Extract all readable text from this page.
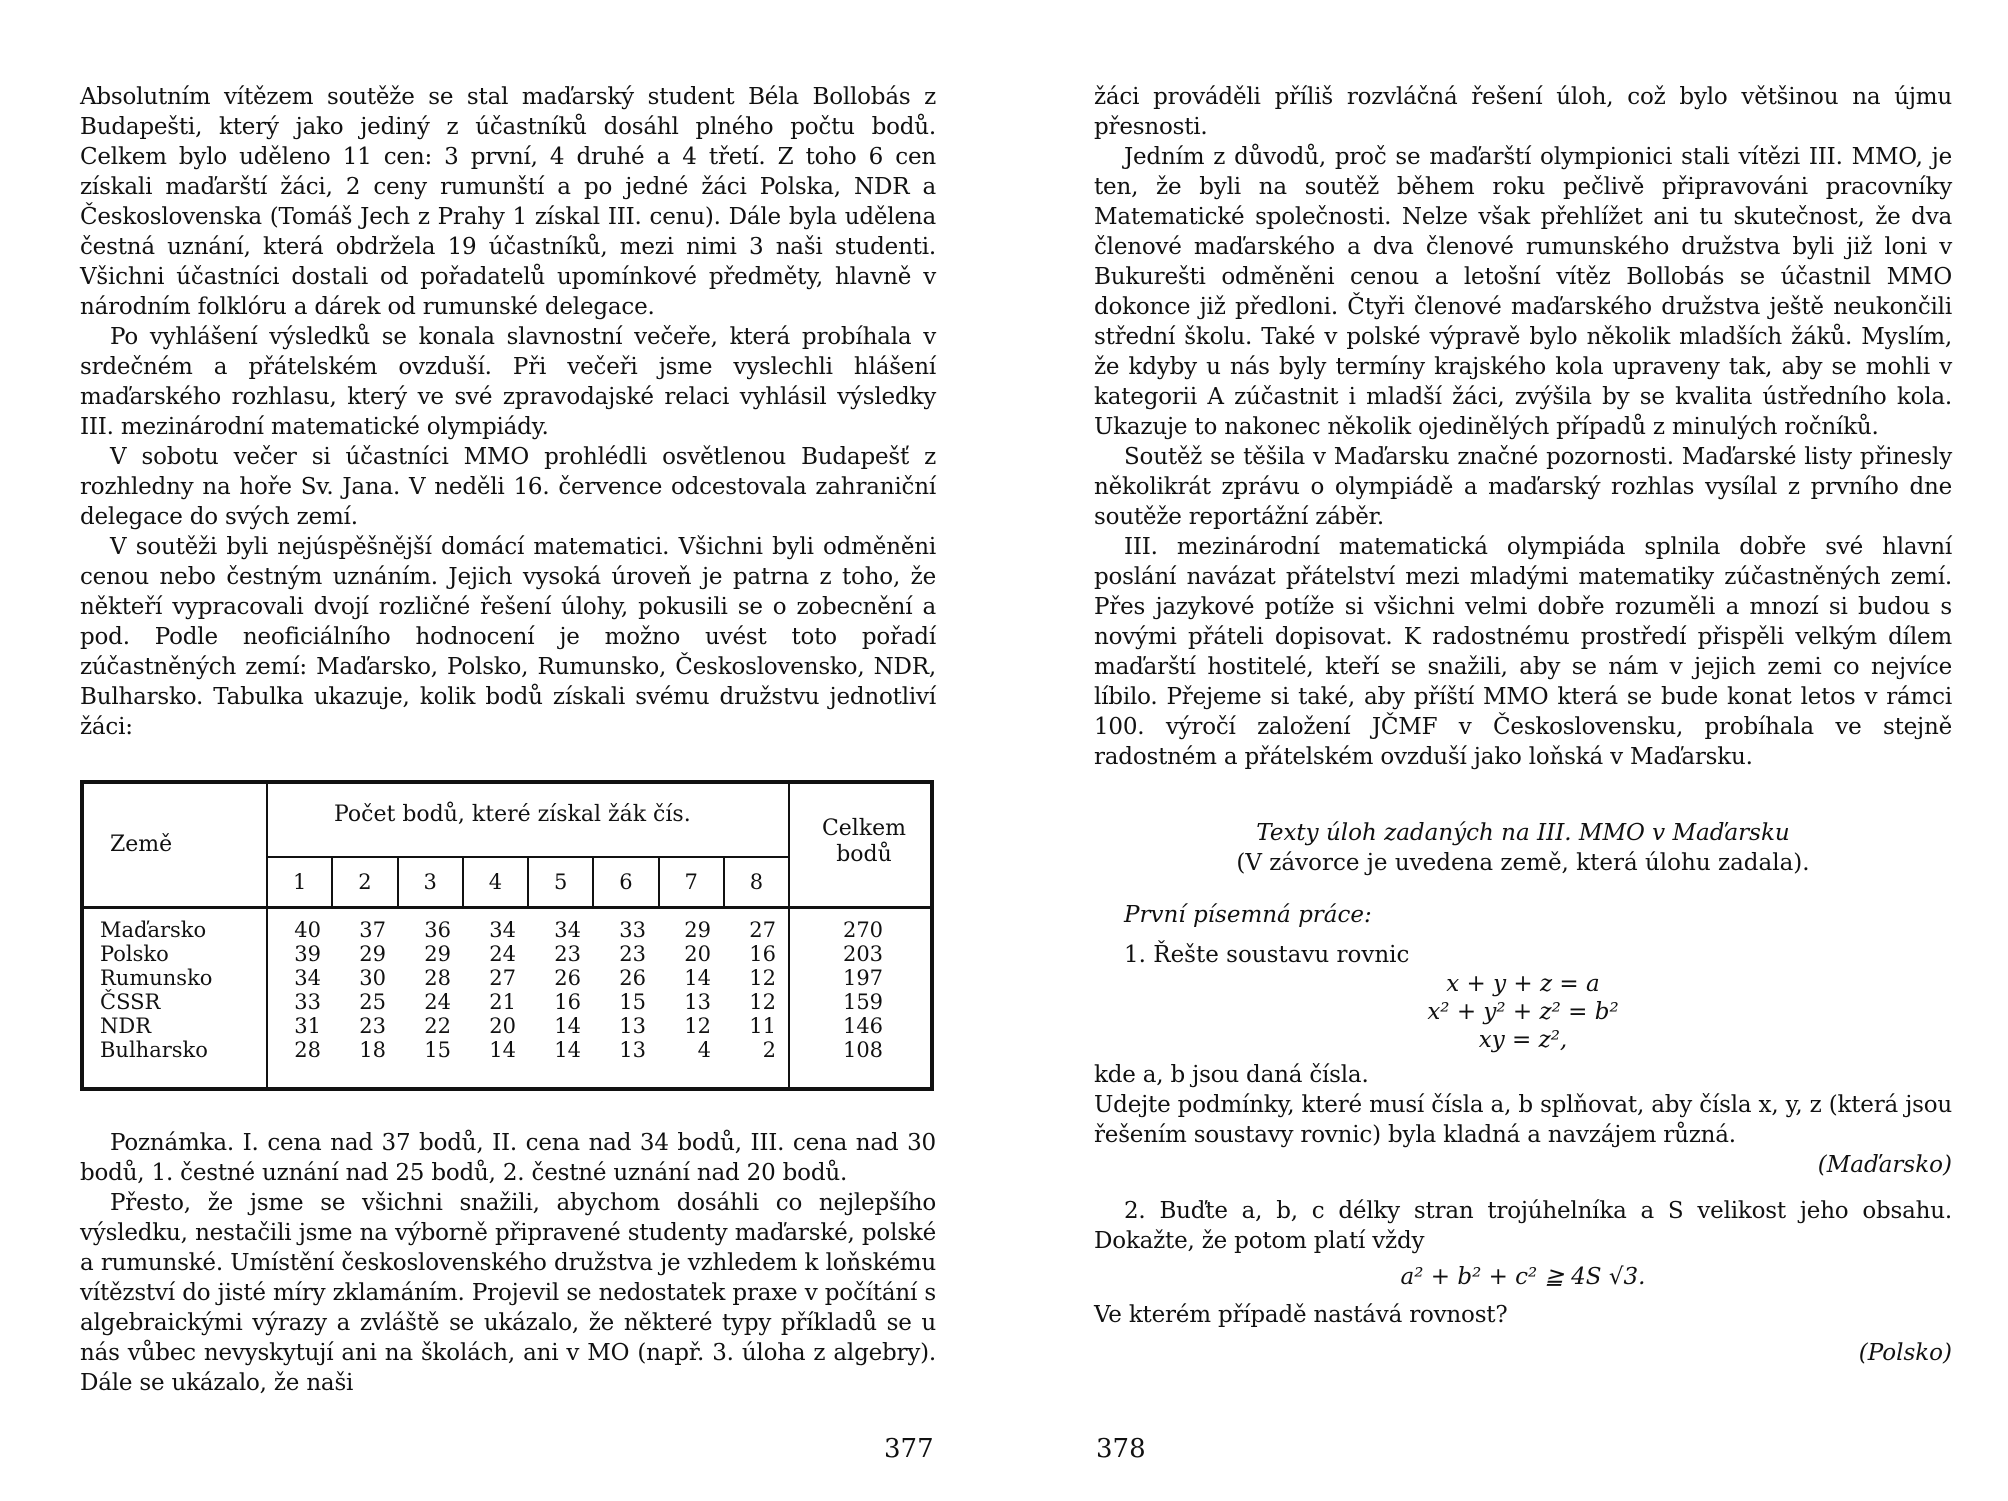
Absolutním vítězem soutěže se stal maďarský student Béla Bollobás z Budapešti, který jako jediný z účastníků dosáhl plného počtu bodů. Celkem bylo uděleno 11 cen: 3 první, 4 druhé a 4 třetí. Z toho 6 cen získali maďarští žáci, 2 ceny rumunští a po jedné žáci Polska, NDR a Československa (Tomáš Jech z Prahy 1 získal III. cenu). Dále byla udělena čestná uznání, která obdržela 19 účastníků, mezi nimi 3 naši studenti. Všichni účastníci dostali od pořadatelů upomínkové předměty, hlavně v národním folklóru a dárek od rumunské delegace.

Po vyhlášení výsledků se konala slavnostní večeře, která probíhala v srdečném a přátelském ovzduší. Při večeři jsme vyslechli hlášení maďarského rozhlasu, který ve své zpravodajské relaci vyhlásil výsledky III. mezinárodní matematické olympiády.

V sobotu večer si účastníci MMO prohlédli osvětlenou Budapešť z rozhledny na hoře Sv. Jana. V neděli 16. července odcestovala zahraniční delegace do svých zemí.

V soutěži byli nejúspěšnější domácí matematici. Všichni byli odměněni cenou nebo čestným uznáním. Jejich vysoká úroveň je patrna z toho, že někteří vypracovali dvojí rozličné řešení úlohy, pokusili se o zobecnění a pod. Podle neoficiálního hodnocení je možno uvést toto pořadí zúčastněných zemí: Maďarsko, Polsko, Rumunsko, Československo, NDR, Bulharsko. Tabulka ukazuje, kolik bodů získali svému družstvu jednotliví žáci:

Země
Počet bodů, které získal žák čís.
Celkem bodů
1	2	3	4	5	6	7	8
Maďarsko	40	37	36	34	34	33	29	27	270
Polsko	39	29	29	24	23	23	20	16	203
Rumunsko	34	30	28	27	26	26	14	12	197
ČSSR	33	25	24	21	16	15	13	12	159
NDR	31	23	22	20	14	13	12	11	146
Bulharsko	28	18	15	14	14	13	4	2	108

Poznámka. I. cena nad 37 bodů, II. cena nad 34 bodů, III. cena nad 30 bodů, 1. čestné uznání nad 25 bodů, 2. čestné uznání nad 20 bodů.

Přesto, že jsme se všichni snažili, abychom dosáhli co nejlepšího výsledku, nestačili jsme na výborně připravené studenty maďarské, polské a rumunské. Umístění československého družstva je vzhledem k loňskému vítězství do jisté míry zklamáním. Projevil se nedostatek praxe v počítání s algebraickými výrazy a zvláště se ukázalo, že některé typy příkladů se u nás vůbec nevyskytují ani na školách, ani v MO (např. 3. úloha z algebry). Dále se ukázalo, že naši

377

žáci prováděli příliš rozvláčná řešení úloh, což bylo většinou na újmu přesnosti.

Jedním z důvodů, proč se maďarští olympionici stali vítězi III. MMO, je ten, že byli na soutěž během roku pečlivě připravováni pracovníky Matematické společnosti. Nelze však přehlížet ani tu skutečnost, že dva členové maďarského a dva členové rumunského družstva byli již loni v Bukurešti odměněni cenou a letošní vítěz Bollobás se účastnil MMO dokonce již předloni. Čtyři členové maďarského družstva ještě neukončili střední školu. Také v polské výpravě bylo několik mladších žáků. Myslím, že kdyby u nás byly termíny krajského kola upraveny tak, aby se mohli v kategorii A zúčastnit i mladší žáci, zvýšila by se kvalita ústředního kola. Ukazuje to nakonec několik ojedinělých případů z minulých ročníků.

Soutěž se těšila v Maďarsku značné pozornosti. Maďarské listy přinesly několikrát zprávu o olympiádě a maďarský rozhlas vysílal z prvního dne soutěže reportážní záběr.

III. mezinárodní matematická olympiáda splnila dobře své hlavní poslání navázat přátelství mezi mladými matematiky zúčastněných zemí. Přes jazykové potíže si všichni velmi dobře rozuměli a mnozí si budou s novými přáteli dopisovat. K radostnému prostředí přispěli velkým dílem maďarští hostitelé, kteří se snažili, aby se nám v jejich zemi co nejvíce líbilo. Přejeme si také, aby příští MMO která se bude konat letos v rámci 100. výročí založení JČMF v Československu, probíhala ve stejně radostném a přátelském ovzduší jako loňská v Maďarsku.

Texty úloh zadaných na III. MMO v Maďarsku
(V závorce je uvedena země, která úlohu zadala).
První písemná práce:
1. Řešte soustavu rovnic
x + y + z = a
x² + y² + z² = b²
xy = z²,

kde a, b jsou daná čísla.

Udejte podmínky, které musí čísla a, b splňovat, aby čísla x, y, z (která jsou řešením soustavy rovnic) byla kladná a navzájem různá.

(Maďarsko)

2. Buďte a, b, c délky stran trojúhelníka a S velikost jeho obsahu. Dokažte, že potom platí vždy

a² + b² + c² ≧ 4S √3.

Ve kterém případě nastává rovnost?

(Polsko)
378
